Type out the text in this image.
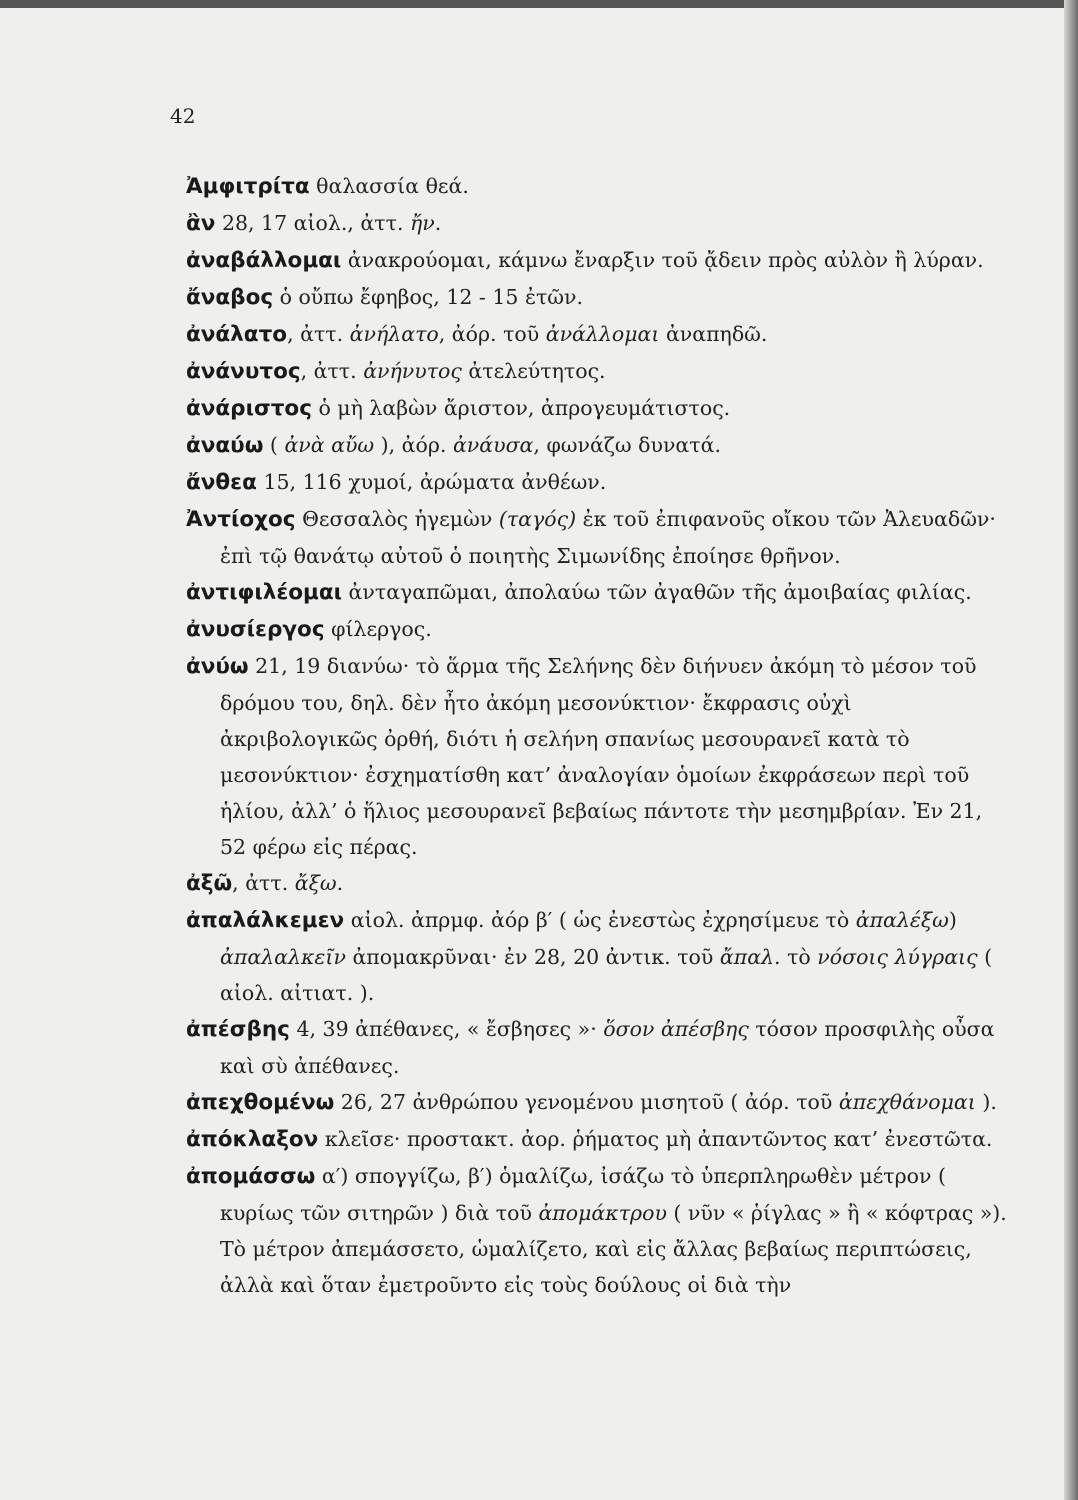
42

Ἀμφιτρίτα θαλασσία θεά.

ἂν 28, 17 αἰολ., ἀττ. ἤν.

ἀναβάλλομαι ἀνακρούομαι, κάμνω ἔναρξιν τοῦ ᾄδειν πρὸς αὐλὸν ἢ λύραν.

ἄναβος ὁ οὔπω ἔφηβος, 12 - 15 ἐτῶν.

ἀνάλατο, ἀττ. ἀνήλατο, ἀόρ. τοῦ ἀνάλλομαι ἀναπηδῶ.

ἀνάνυτος, ἀττ. ἀνήνυτος ἀτελεύτητος.

ἀνάριστος ὁ μὴ λαβὼν ἄριστον, ἀπρογευμάτιστος.

ἀναύω ( ἀνὰ αὔω ), ἀόρ. ἀνάυσα, φωνάζω δυνατά.

ἄνθεα 15, 116 χυμοί, ἀρώματα ἀνθέων.

Ἀντίοχος Θεσσαλὸς ἡγεμὼν (ταγός) ἐκ τοῦ ἐπιφανοῦς οἴκου τῶν Ἀλευαδῶν· ἐπὶ τῷ θανάτῳ αὐτοῦ ὁ ποιητὴς Σιμωνίδης ἐποίησε θρῆνον.

ἀντιφιλέομαι ἀνταγαπῶμαι, ἀπολαύω τῶν ἀγαθῶν τῆς ἀμοιβαίας φιλίας.

ἀνυσίεργος φίλεργος.

ἀνύω 21, 19 διανύω· τὸ ἅρμα τῆς Σελήνης δὲν διήνυεν ἀκόμη τὸ μέσον τοῦ δρόμου του, δηλ. δὲν ἦτο ἀκόμη μεσονύκτιον· ἔκφρασις οὐχὶ ἀκριβολογικῶς ὀρθή, διότι ἡ σελήνη σπανίως μεσουρανεῖ κατὰ τὸ μεσονύκτιον· ἐσχηματίσθη κατ’ ἀναλογίαν ὁμοίων ἐκφράσεων περὶ τοῦ ἡλίου, ἀλλ’ ὁ ἥλιος μεσουρανεῖ βεβαίως πάντοτε τὴν μεσημβρίαν. Ἐν 21, 52 φέρω εἰς πέρας.

ἀξῶ, ἀττ. ἄξω.

ἀπαλάλκεμεν αἰολ. ἀπρμφ. ἀόρ β′ ( ὡς ἐνεστὼς ἐχρησίμευε τὸ ἀπαλέξω) ἀπαλαλκεῖν ἀπομακρῦναι· ἐν 28, 20 ἀντικ. τοῦ ἄπαλ. τὸ νόσοις λύγραις ( αἰολ. αἰτιατ. ).

ἀπέσβης 4, 39 ἀπέθανες, « ἔσβησες »· ὅσον ἀπέσβης τόσον προσφιλὴς οὖσα καὶ σὺ ἀπέθανες.

ἀπεχθομένω 26, 27 ἀνθρώπου γενομένου μισητοῦ ( ἀόρ. τοῦ ἀπεχθάνομαι ).

ἀπόκλαξον κλεῖσε· προστακτ. ἀορ. ῥήματος μὴ ἀπαντῶντος κατ’ ἐνεστῶτα.

ἀπομάσσω α′) σπογγίζω, β′) ὁμαλίζω, ἰσάζω τὸ ὑπερπληρωθὲν μέτρον ( κυρίως τῶν σιτηρῶν ) διὰ τοῦ ἀπομάκτρου ( νῦν « ῥίγλας » ἢ « κόφτρας »). Τὸ μέτρον ἀπεμάσσετο, ὡμαλίζετο, καὶ εἰς ἄλλας βεβαίως περιπτώσεις, ἀλλὰ καὶ ὅταν ἐμετροῦντο εἰς τοὺς δούλους οἱ διὰ τὴν
